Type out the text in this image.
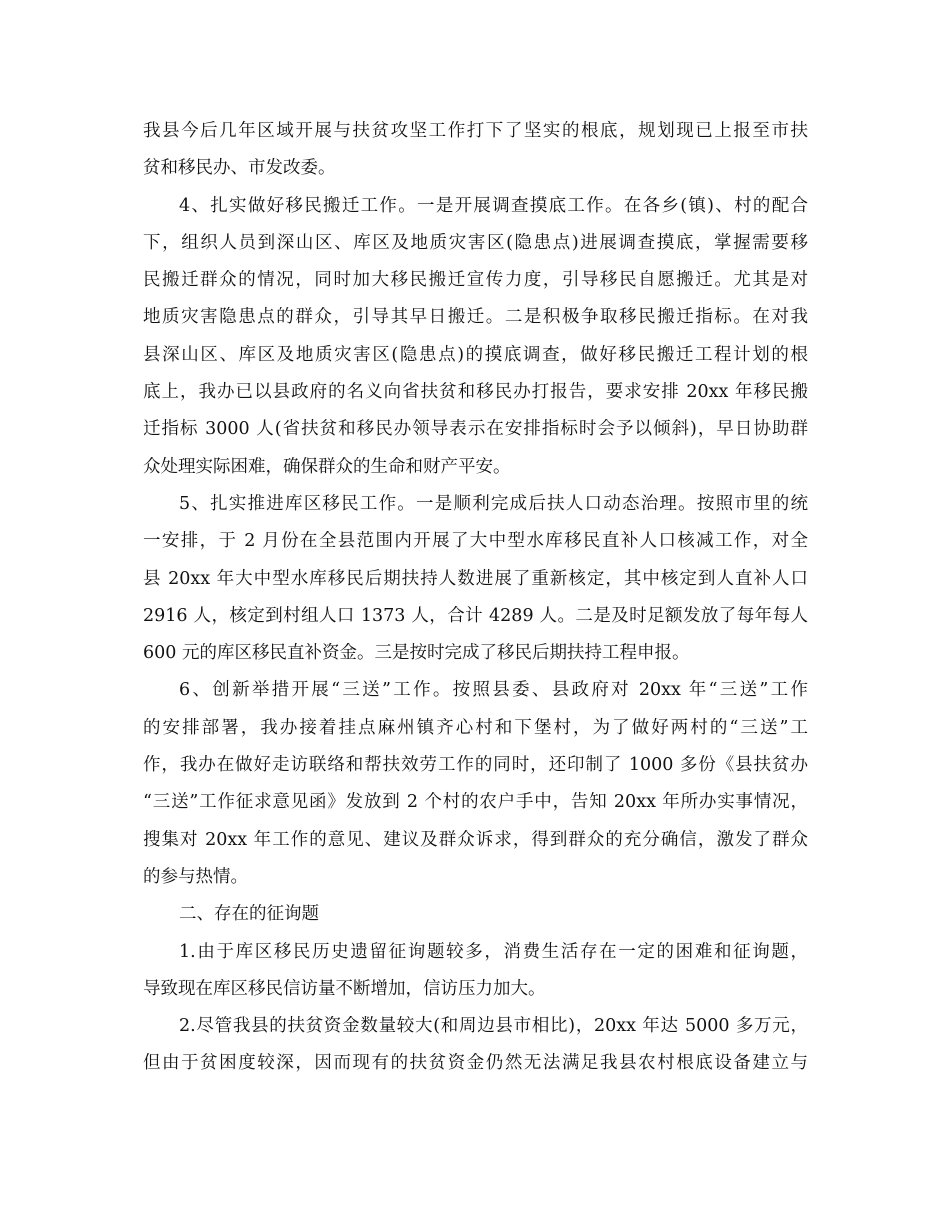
我县今后几年区域开展与扶贫攻坚工作打下了坚实的根底，规划现已上报至市扶
贫和移民办、市发改委。
4、扎实做好移民搬迁工作。一是开展调查摸底工作。在各乡(镇)、村的配合
下，组织人员到深山区、库区及地质灾害区(隐患点)进展调查摸底，掌握需要移
民搬迁群众的情况，同时加大移民搬迁宣传力度，引导移民自愿搬迁。尤其是对
地质灾害隐患点的群众，引导其早日搬迁。二是积极争取移民搬迁指标。在对我
县深山区、库区及地质灾害区(隐患点)的摸底调查，做好移民搬迁工程计划的根
底上，我办已以县政府的名义向省扶贫和移民办打报告，要求安排 20xx 年移民搬
迁指标 3000 人(省扶贫和移民办领导表示在安排指标时会予以倾斜)，早日协助群
众处理实际困难，确保群众的生命和财产平安。
5、扎实推进库区移民工作。一是顺利完成后扶人口动态治理。按照市里的统
一安排，于 2 月份在全县范围内开展了大中型水库移民直补人口核减工作，对全
县 20xx 年大中型水库移民后期扶持人数进展了重新核定，其中核定到人直补人口
2916 人，核定到村组人口 1373 人，合计 4289 人。二是及时足额发放了每年每人
600 元的库区移民直补资金。三是按时完成了移民后期扶持工程申报。
6、创新举措开展“三送”工作。按照县委、县政府对 20xx 年“三送”工作
的安排部署，我办接着挂点麻州镇齐心村和下堡村，为了做好两村的“三送”工
作，我办在做好走访联络和帮扶效劳工作的同时，还印制了 1000 多份《县扶贫办
“三送”工作征求意见函》发放到 2 个村的农户手中，告知 20xx 年所办实事情况，
搜集对 20xx 年工作的意见、建议及群众诉求，得到群众的充分确信，激发了群众
的参与热情。
二、存在的征询题
1.由于库区移民历史遗留征询题较多，消费生活存在一定的困难和征询题，
导致现在库区移民信访量不断增加，信访压力加大。
2.尽管我县的扶贫资金数量较大(和周边县市相比)，20xx 年达 5000 多万元，
但由于贫困度较深，因而现有的扶贫资金仍然无法满足我县农村根底设备建立与
